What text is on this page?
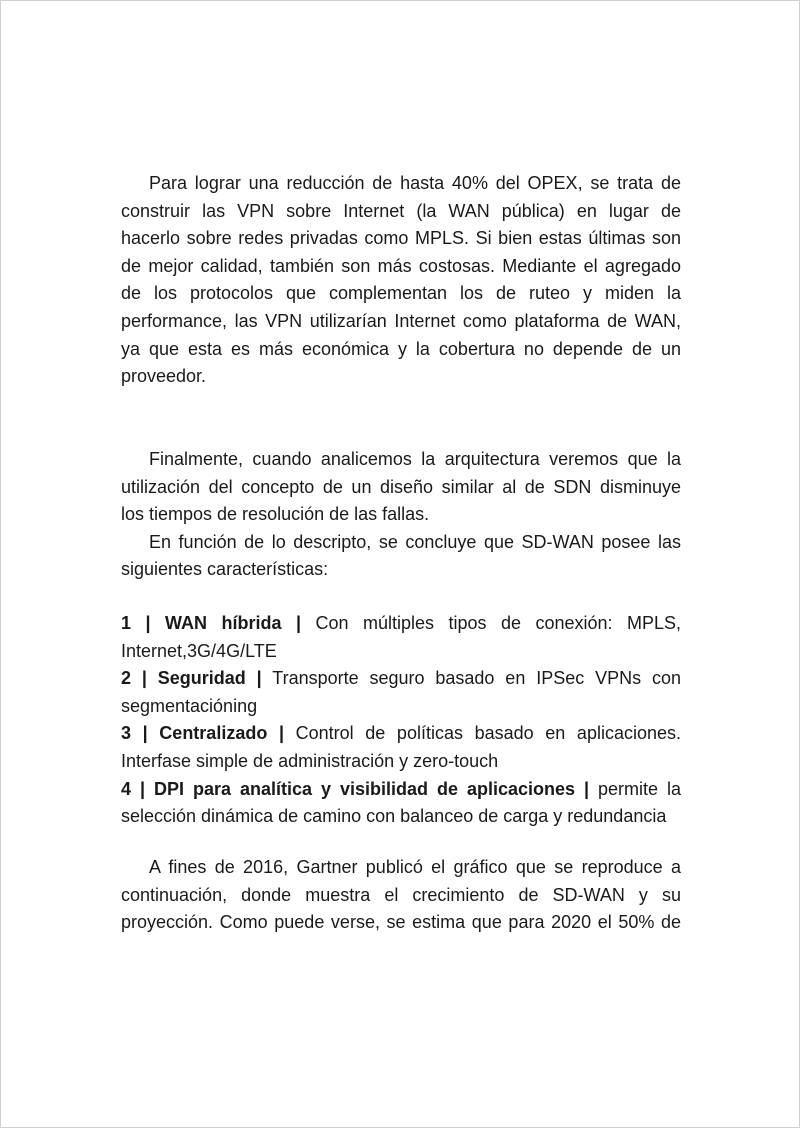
Para lograr una reducción de hasta 40% del OPEX, se trata de
construir las VPN sobre Internet (la WAN pública) en lugar de
hacerlo sobre redes privadas como MPLS. Si bien estas últimas son
de mejor calidad, también son más costosas. Mediante el agregado
de los protocolos que complementan los de ruteo y miden la
performance, las VPN utilizarían Internet como plataforma de WAN,
ya que esta es más económica y la cobertura no depende de un
proveedor.
Finalmente, cuando analicemos la arquitectura veremos que la
utilización del concepto de un diseño similar al de SDN disminuye
los tiempos de resolución de las fallas.
En función de lo descripto, se concluye que SD-WAN posee las
siguientes características:
1 | WAN híbrida | Con múltiples tipos de conexión: MPLS,
Internet,3G/4G/LTE
2 | Seguridad | Transporte seguro basado en IPSec VPNs con
segmentacióning
3 | Centralizado | Control de políticas basado en aplicaciones.
Interfase simple de administración y zero-touch
4 | DPI para analítica y visibilidad de aplicaciones | permite la
selección dinámica de camino con balanceo de carga y redundancia
A fines de 2016, Gartner publicó el gráfico que se reproduce a
continuación, donde muestra el crecimiento de SD-WAN y su
proyección. Como puede verse, se estima que para 2020 el 50% de
